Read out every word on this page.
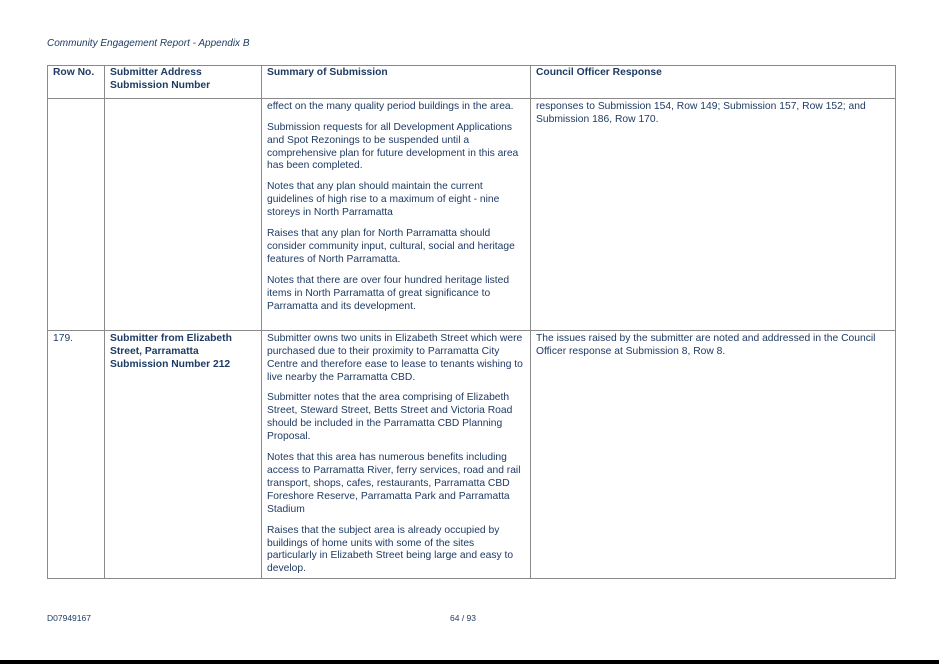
Community Engagement Report - Appendix B
Row No.	Submitter Address Submission Number	Summary of Submission	Council Officer Response

		effect on the many quality period buildings in the area.
Submission requests for all Development Applications and Spot Rezonings to be suspended until a comprehensive plan for future development in this area has been completed.
Notes that any plan should maintain the current guidelines of high rise to a maximum of eight - nine storeys in North Parramatta
Raises that any plan for North Parramatta should consider community input, cultural, social and heritage features of North Parramatta.
Notes that there are over four hundred heritage listed items in North Parramatta of great significance to Parramatta and its development.	responses to Submission 154, Row 149; Submission 157, Row 152; and Submission 186, Row 170.
179.	Submitter from Elizabeth Street, Parramatta Submission Number 212	Submitter owns two units in Elizabeth Street which were purchased due to their proximity to Parramatta City Centre and therefore ease to lease to tenants wishing to live nearby the Parramatta CBD.
Submitter notes that the area comprising of Elizabeth Street, Steward Street, Betts Street and Victoria Road should be included in the Parramatta CBD Planning Proposal.
Notes that this area has numerous benefits including access to Parramatta River, ferry services, road and rail transport, shops, cafes, restaurants, Parramatta CBD Foreshore Reserve, Parramatta Park and Parramatta Stadium
Raises that the subject area is already occupied by buildings of home units with some of the sites particularly in Elizabeth Street being large and easy to develop.	The issues raised by the submitter are noted and addressed in the Council Officer response at Submission 8, Row 8.
D07949167	64 / 93
